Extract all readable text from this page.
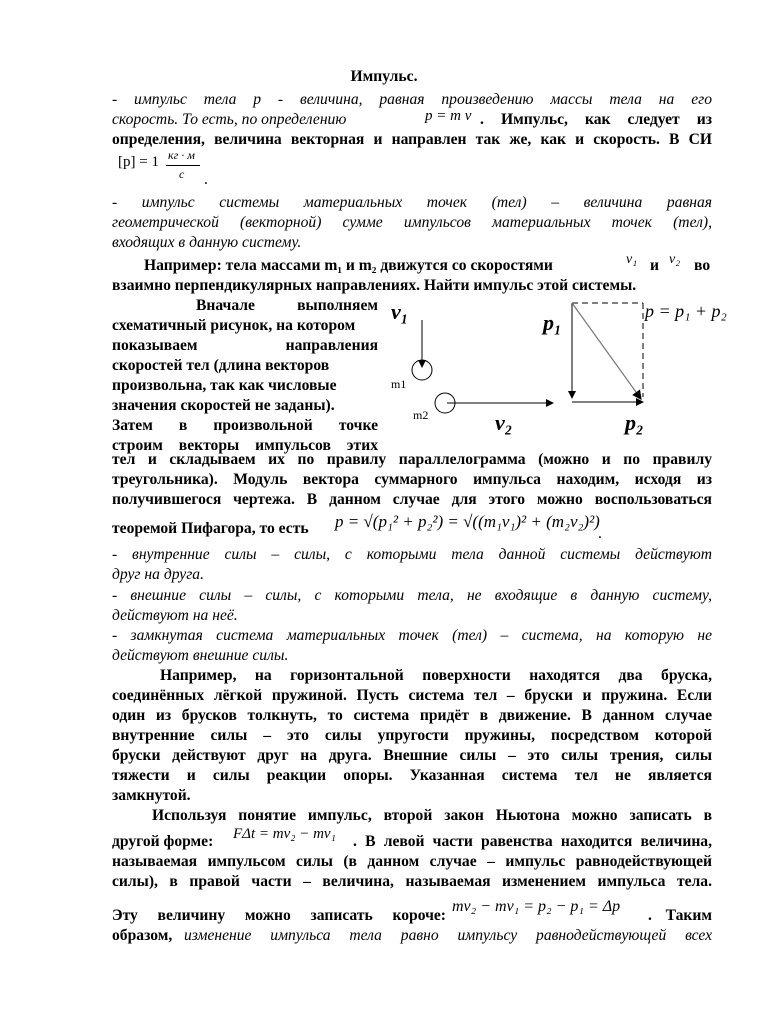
Импульс.
- импульс тела p - величина, равная произведению массы тела на его
скорость. То есть, по определению	p = m v . Импульс, как следует из
определения, величина векторная и направлен так же, как и скорость. В СИ
[p] = 1 кг · м
с .
- импульс системы материальных точек (тел) – величина равная
геометрической (векторной) сумме импульсов материальных точек (тел),
входящих в данную систему.
Например: тела массами m₁ и m₂ движутся со скоростями	v₁ и v₂ во
взаимно перпендикулярных направлениях. Найти импульс этой системы.
Вначале выполняем
схематичный рисунок, на котором
показываем направления
скоростей тел (длина векторов
произвольна, так как числовые
значения скоростей не заданы).
Затем в произвольной точке
строим векторы импульсов этих
v₁
m1
m2	v₂
p₁
p₂
p = p₁ + p₂
тел и складываем их по правилу параллелограмма (можно и по правилу
треугольника). Модуль вектора суммарного импульса находим, исходя из
получившегося чертежа. В данном случае для этого можно воспользоваться
теоремой Пифагора, то есть p = √(p₁² + p₂²) = √((m₁v₁)² + (m₂v₂)²)
.
- внутренние силы – силы, с которыми тела данной системы действуют
друг на друга.
- внешние силы – силы, с которыми тела, не входящие в данную систему,
действуют на неё.
- замкнутая система материальных точек (тел) – система, на которую не
действуют внешние силы.
Например, на горизонтальной поверхности находятся два бруска,
соединённых лёгкой пружиной. Пусть система тел – бруски и пружина. Если
один из брусков толкнуть, то система придёт в движение. В данном случае
внутренние силы – это силы упругости пружины, посредством которой
бруски действуют друг на друга. Внешние силы – это силы трения, силы
тяжести и силы реакции опоры. Указанная система тел не является
замкнутой.
Используя понятие импульс, второй закон Ньютона можно записать в
другой форме: FΔt = mv₂ − mv₁ . В левой части равенства находится величина,
называемая импульсом силы (в данном случае – импульс равнодействующей
силы), в правой части – величина, называемая изменением импульса тела.
Эту величину можно записать короче:
mv₂ − mv₁ = p₂ − p₁ = Δp
. Таким
образом, изменение импульса тела равно импульсу равнодействующей всех
